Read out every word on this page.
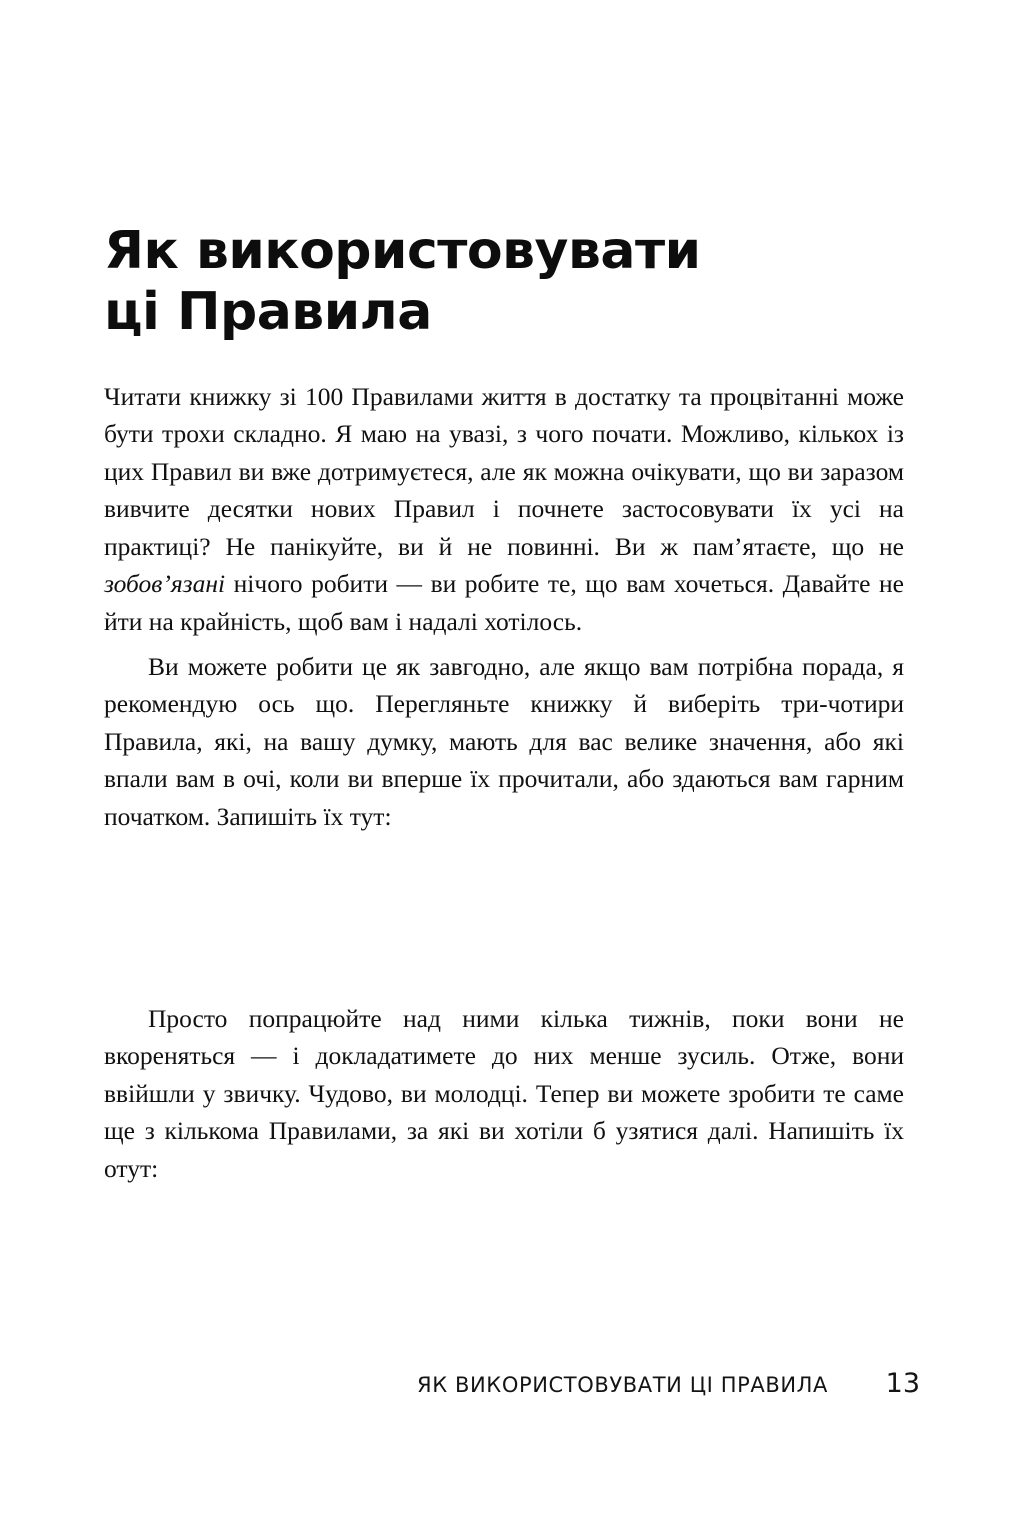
Як використовувати
ці Правила

Читати книжку зі 100 Правилами життя в достатку та процвітанні може бути трохи складно. Я маю на увазі, з чого почати. Можливо, кількох із цих Правил ви вже дотримуєтеся, але як можна очікувати, що ви заразом вивчите десятки нових Правил і почнете застосовувати їх усі на практиці? Не панікуйте, ви й не повинні. Ви ж пам’ятаєте, що не зобов’язані нічого робити — ви робите те, що вам хочеться. Давайте не йти на крайність, щоб вам і надалі хотілось.

Ви можете робити це як завгодно, але якщо вам потрібна порада, я рекомендую ось що. Перегляньте книжку й виберіть три-чотири Правила, які, на вашу думку, мають для вас велике значення, або які впали вам в очі, коли ви вперше їх прочитали, або здаються вам гарним початком. Запишіть їх тут:

Просто попрацюйте над ними кілька тижнів, поки вони не вкореняться — і докладатимете до них менше зусиль. Отже, вони ввійшли у звичку. Чудово, ви молодці. Тепер ви можете зробити те саме ще з кількома Правилами, за які ви хотіли б узятися далі. Напишіть їх отут:

ЯК ВИКОРИСТОВУВАТИ ЦІ ПРАВИЛА 13
